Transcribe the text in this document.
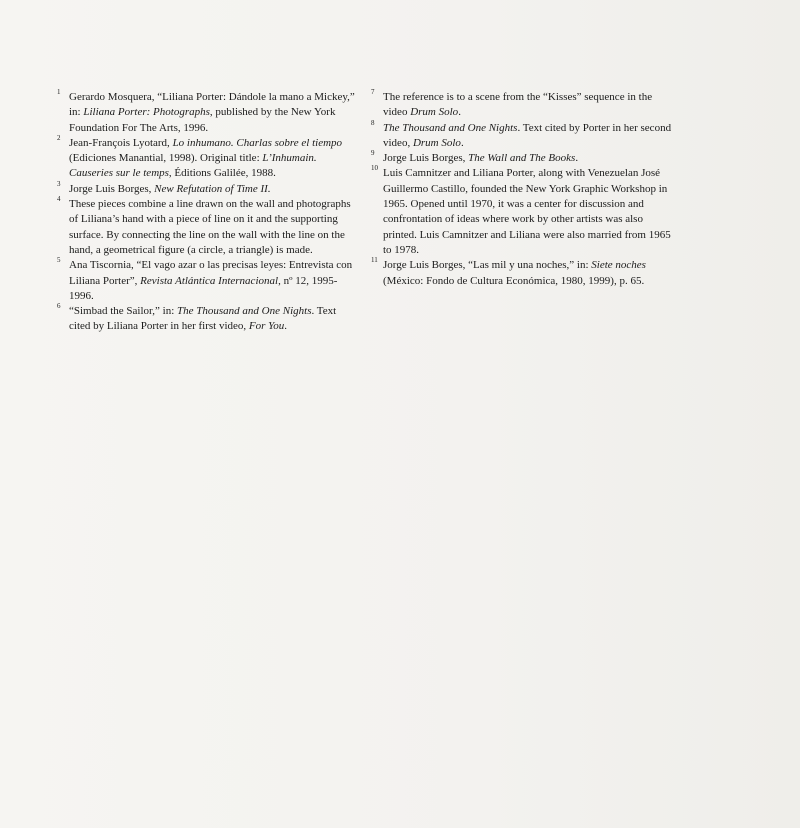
1 Gerardo Mosquera, “Liliana Porter: Dándole la mano a Mickey,” in: Liliana Porter: Photographs, published by the New York Foundation For The Arts, 1996.
2 Jean-François Lyotard, Lo inhumano. Charlas sobre el tiempo (Ediciones Manantial, 1998). Original title: L’Inhumain. Causeries sur le temps, Éditions Galilée, 1988.
3 Jorge Luis Borges, New Refutation of Time II.
4 These pieces combine a line drawn on the wall and photographs of Liliana’s hand with a piece of line on it and the supporting surface. By connecting the line on the wall with the line on the hand, a geometrical figure (a circle, a triangle) is made.
5 Ana Tiscornia, “El vago azar o las precisas leyes: Entrevista con Liliana Porter”, Revista Atlántica Internacional, nº 12, 1995-1996.
6 “Simbad the Sailor,” in: The Thousand and One Nights. Text cited by Liliana Porter in her first video, For You.
7 The reference is to a scene from the “Kisses” sequence in the video Drum Solo.
8 The Thousand and One Nights. Text cited by Porter in her second video, Drum Solo.
9 Jorge Luis Borges, The Wall and The Books.
10 Luis Camnitzer and Liliana Porter, along with Venezuelan José Guillermo Castillo, founded the New York Graphic Workshop in 1965. Opened until 1970, it was a center for discussion and confrontation of ideas where work by other artists was also printed. Luis Camnitzer and Liliana were also married from 1965 to 1978.
11 Jorge Luis Borges, “Las mil y una noches,” in: Siete noches (México: Fondo de Cultura Económica, 1980, 1999), p. 65.
